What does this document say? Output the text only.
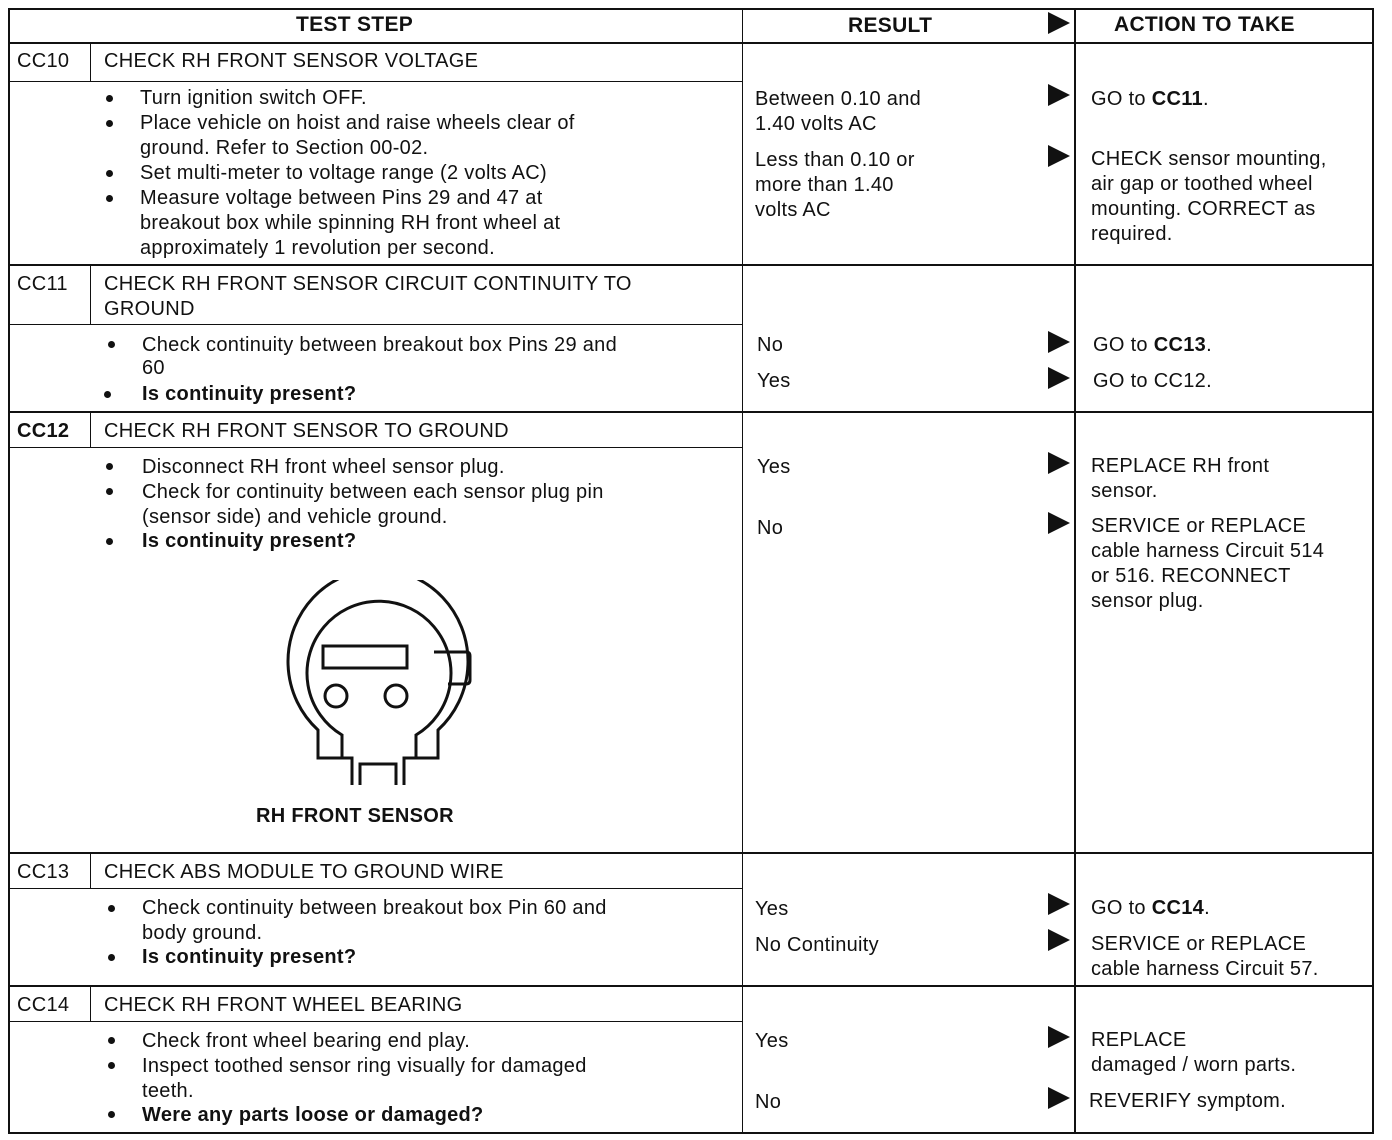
TEST STEP	RESULT	ACTION TO TAKE
CC10 CHECK RH FRONT SENSOR VOLTAGE
Turn ignition switch OFF.
Place vehicle on hoist and raise wheels clear of
ground. Refer to Section 00-02.
Set multi-meter to voltage range (2 volts AC)
Measure voltage between Pins 29 and 47 at
breakout box while spinning RH front wheel at
approximately 1 revolution per second.
Between 0.10 and
1.40 volts AC
Less than 0.10 or
more than 1.40
volts AC
GO to CC11.
CHECK sensor mounting,
air gap or toothed wheel
mounting. CORRECT as
required.
CC11 CHECK RH FRONT SENSOR CIRCUIT CONTINUITY TO
GROUND
Check continuity between breakout box Pins 29 and
60
Is continuity present?
No
Yes
GO to CC13.
GO to CC12.
CC12 CHECK RH FRONT SENSOR TO GROUND
Disconnect RH front wheel sensor plug.
Check for continuity between each sensor plug pin
(sensor side) and vehicle ground.
Is continuity present?
RH FRONT SENSOR
Yes
No
REPLACE RH front
sensor.
SERVICE or REPLACE
cable harness Circuit 514
or 516. RECONNECT
sensor plug.
CC13 CHECK ABS MODULE TO GROUND WIRE
Check continuity between breakout box Pin 60 and
body ground.
Is continuity present?
Yes
No Continuity
GO to CC14.
SERVICE or REPLACE
cable harness Circuit 57.
CC14 CHECK RH FRONT WHEEL BEARING
Check front wheel bearing end play.
Inspect toothed sensor ring visually for damaged
teeth.
Were any parts loose or damaged?
Yes
No
REPLACE
damaged / worn parts.
REVERIFY symptom.
